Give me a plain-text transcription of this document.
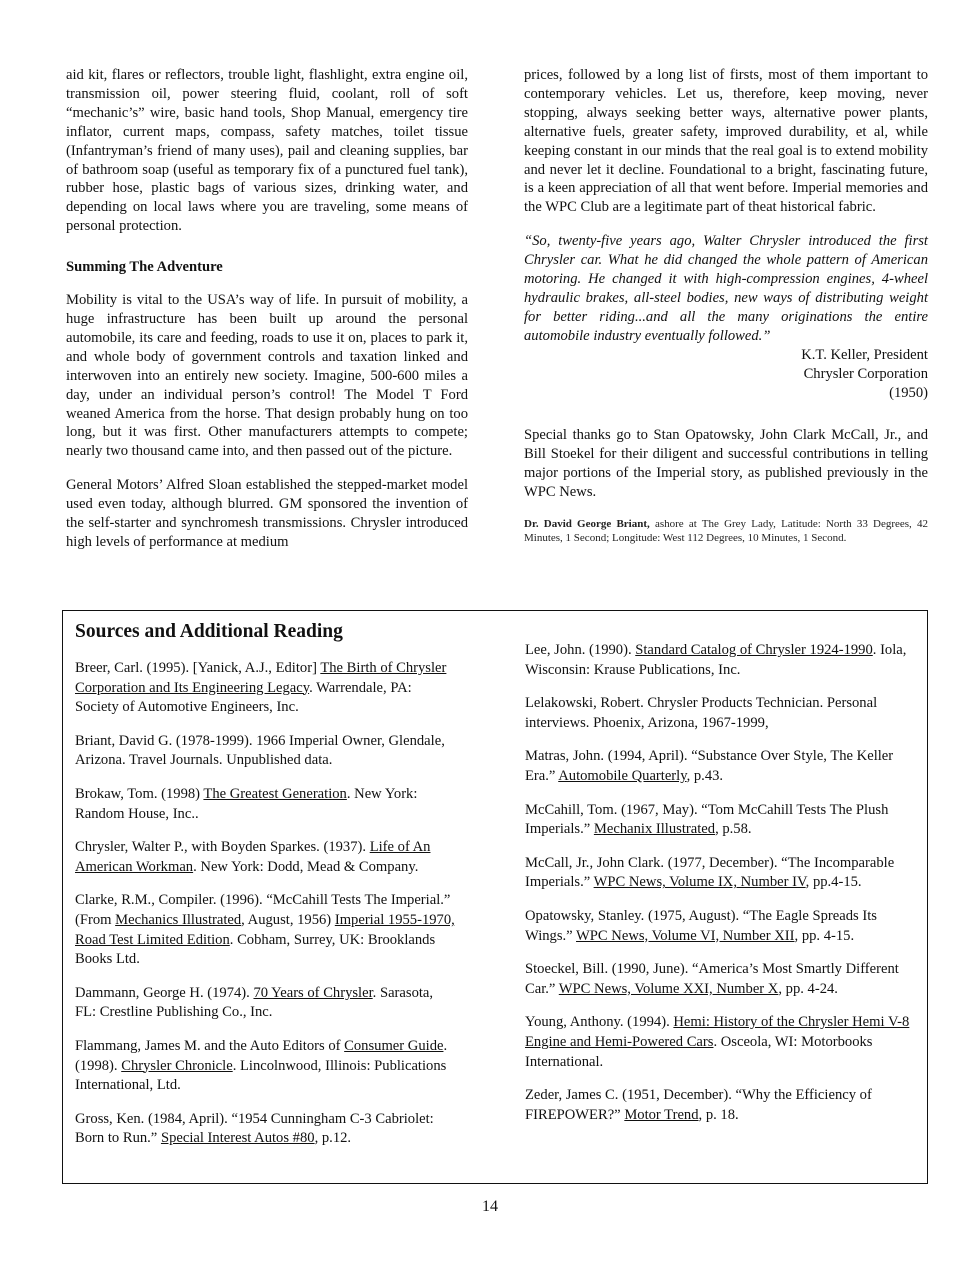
aid kit, flares or reflectors, trouble light, flashlight, extra engine oil, transmission oil, power steering fluid, coolant, roll of soft “mechanic’s” wire, basic hand tools, Shop Manual, emergency tire inflator, current maps, compass, safety matches, toilet tissue (Infantryman’s friend of many uses), pail and cleaning supplies, bar of bathroom soap (useful as temporary fix of a punctured fuel tank), rubber hose, plastic bags of various sizes, drinking water, and depending on local laws where you are traveling, some means of personal protection.

Summing The Adventure

Mobility is vital to the USA’s way of life. In pursuit of mobility, a huge infrastructure has been built up around the personal automobile, its care and feeding, roads to use it on, places to park it, and whole body of government controls and taxation linked and interwoven into an entirely new society. Imagine, 500-600 miles a day, under an individual person’s control! The Model T Ford weaned America from the horse. That design probably hung on too long, but it was first. Other manufacturers attempts to compete; nearly two thousand came into, and then passed out of the picture.

General Motors’ Alfred Sloan established the stepped-market model used even today, although blurred. GM sponsored the invention of the self-starter and synchromesh transmissions. Chrysler introduced high levels of performance at medium

prices, followed by a long list of firsts, most of them important to contemporary vehicles. Let us, therefore, keep moving, never stopping, always seeking better ways, alternative power plants, alternative fuels, greater safety, improved durability, et al, while keeping constant in our minds that the real goal is to extend mobility and never let it decline. Foundational to a bright, fascinating future, is a keen appreciation of all that went before. Imperial memories and the WPC Club are a legitimate part of theat historical fabric.

“So, twenty-five years ago, Walter Chrysler introduced the first Chrysler car. What he did changed the whole pattern of American motoring. He changed it with high-compression engines, 4-wheel hydraulic brakes, all-steel bodies, new ways of distributing weight for better riding...and all the many originations the entire automobile industry eventually followed.”

K.T. Keller, President
Chrysler Corporation
(1950)

Special thanks go to Stan Opatowsky, John Clark McCall, Jr., and Bill Stoekel for their diligent and successful contributions in telling major portions of the Imperial story, as published previously in the WPC News.

Dr. David George Briant, ashore at The Grey Lady, Latitude: North 33 Degrees, 42 Minutes, 1 Second; Longitude: West 112 Degrees, 10 Minutes, 1 Second.
Sources and Additional Reading
Breer, Carl. (1995). [Yanick, A.J., Editor] The Birth of Chrysler Corporation and Its Engineering Legacy. Warrendale, PA: Society of Automotive Engineers, Inc.
Briant, David G. (1978-1999). 1966 Imperial Owner, Glendale, Arizona. Travel Journals. Unpublished data.
Brokaw, Tom. (1998) The Greatest Generation. New York: Random House, Inc..
Chrysler, Walter P., with Boyden Sparkes. (1937). Life of An American Workman. New York: Dodd, Mead & Company.
Clarke, R.M., Compiler. (1996). “McCahill Tests The Imperial.” (From Mechanics Illustrated, August, 1956) Imperial 1955-1970, Road Test Limited Edition. Cobham, Surrey, UK: Brooklands Books Ltd.
Dammann, George H. (1974). 70 Years of Chrysler. Sarasota, FL: Crestline Publishing Co., Inc.
Flammang, James M. and the Auto Editors of Consumer Guide. (1998). Chrysler Chronicle. Lincolnwood, Illinois: Publications International, Ltd.
Gross, Ken. (1984, April). “1954 Cunningham C-3 Cabriolet: Born to Run.” Special Interest Autos #80, p.12.
Lee, John. (1990). Standard Catalog of Chrysler 1924-1990. Iola, Wisconsin: Krause Publications, Inc.
Lelakowski, Robert. Chrysler Products Technician. Personal interviews. Phoenix, Arizona, 1967-1999,
Matras, John. (1994, April). “Substance Over Style, The Keller Era.” Automobile Quarterly, p.43.
McCahill, Tom. (1967, May). “Tom McCahill Tests The Plush Imperials.” Mechanix Illustrated, p.58.
McCall, Jr., John Clark. (1977, December). “The Incomparable Imperials.” WPC News, Volume IX, Number IV, pp.4-15.
Opatowsky, Stanley. (1975, August). “The Eagle Spreads Its Wings.” WPC News, Volume VI, Number XII, pp. 4-15.
Stoeckel, Bill. (1990, June). “America’s Most Smartly Different Car.” WPC News, Volume XXI, Number X, pp. 4-24.
Young, Anthony. (1994). Hemi: History of the Chrysler Hemi V-8 Engine and Hemi-Powered Cars. Osceola, WI: Motorbooks International.
Zeder, James C. (1951, December). “Why the Efficiency of FIREPOWER?” Motor Trend, p. 18.
14
